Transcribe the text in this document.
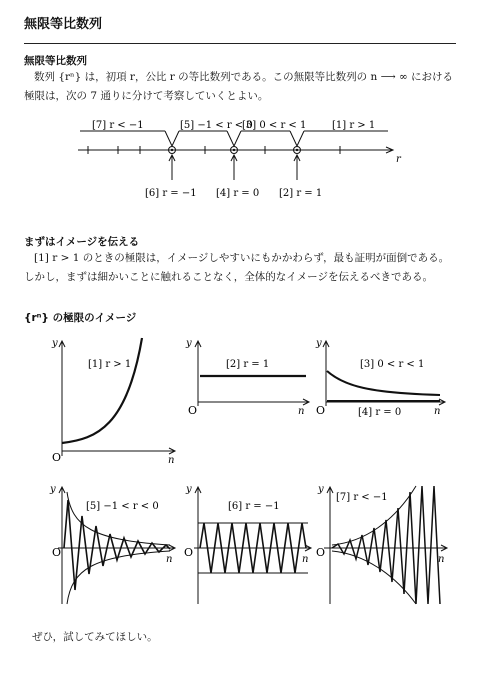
無限等比数列
無限等比数列
数列 {rⁿ} は，初項 r，公比 r の等比数列である。この無限等比数列の n ⟶ ∞ における
極限は，次の 7 通りに分けて考察していくとよい。
[7] r < −1	[5] −1 < r < 0
[3] 0 < r < 1	[1] r > 1
r
[6] r = −1 [4] r = 0 [2] r = 1
まずはイメージを伝える
[1] r > 1 のときの極限は，イメージしやすいにもかかわらず，最も証明が面倒である。
しかし，まずは細かいことに触れることなく，全体的なイメージを伝えるべきである。
{rⁿ} の極限のイメージ
y
O	n
[1] r > 1
y
O	n
[2] r = 1
y
O	n
[3] 0 < r < 1
[4] r = 0
y
O
n
[5] −1 < r < 0
y
O
n
[6] r = −1
y
O
n
[7] r < −1
ぜひ，試してみてほしい。
